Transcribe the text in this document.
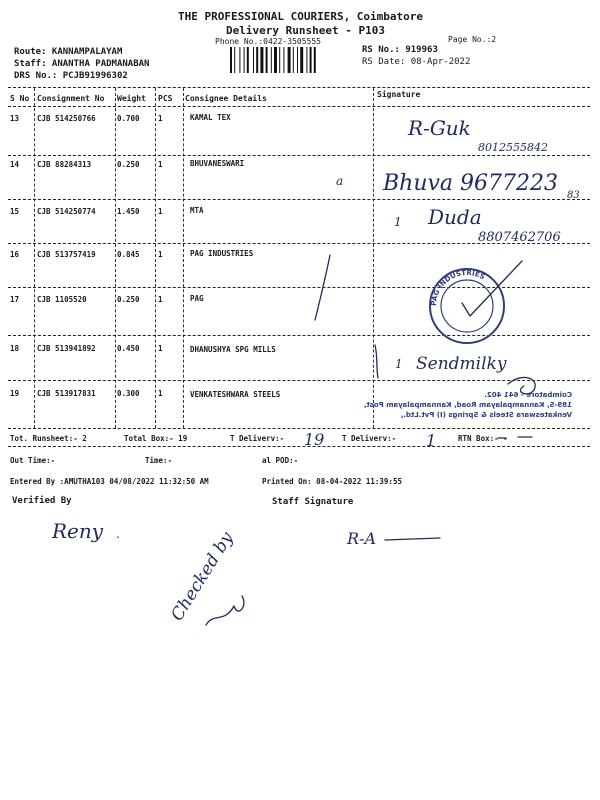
THE PROFESSIONAL COURIERS, Coimbatore
Delivery Runsheet - P103
Phone No.:0422-3505555	Page No.:2
Route: KANNAMPALAYAM
Staff: ANANTHA PADMANABAN
DRS No.: PCJB91996302
RS No.: 919963
RS Date: 08-Apr-2022
S No Consignment No Weight PCS Consignee Details	Signature
13 CJB 514250766	0.700 1	KAMAL TEX
14 CJB 88284313	0.250 1	BHUVANESWARI
15 CJB 514250774	1.450 1	MTA
16 CJB 513757419	0.845 1	PAG INDUSTRIES
17 CJB 1105520	0.250 1	PAG
18 CJB 513941892	0.450 1	DHANUSHYA SPG MILLS
19 CJB 513917831	0.300 1	VENKATESHWARA STEELS
Tot. Runsheet:- 2	Total Box:- 19	T Deliverv:-	T Deliverv:-	RTN Box:- -
Out Time:-	Time:-	al POD:-
Entered By :AMUTHA103 04/08/2022 11:32:50 AM	Printed On: 08-04-2022 11:39:55
Verified By	Staff Signature
R-Guk
8012555842
a Bhuva 9677223 83
1 Duda
8807462706
1 Sendmilky
PAG INDUSTRIES
Coimbatore - 641 402.
189-S, Kannampalayam Road, Kannampalayam Post,
Venkateswara Steels & Springs (I) Pvt.Ltd.,
19	1
Reny .	R-A
Checked by
